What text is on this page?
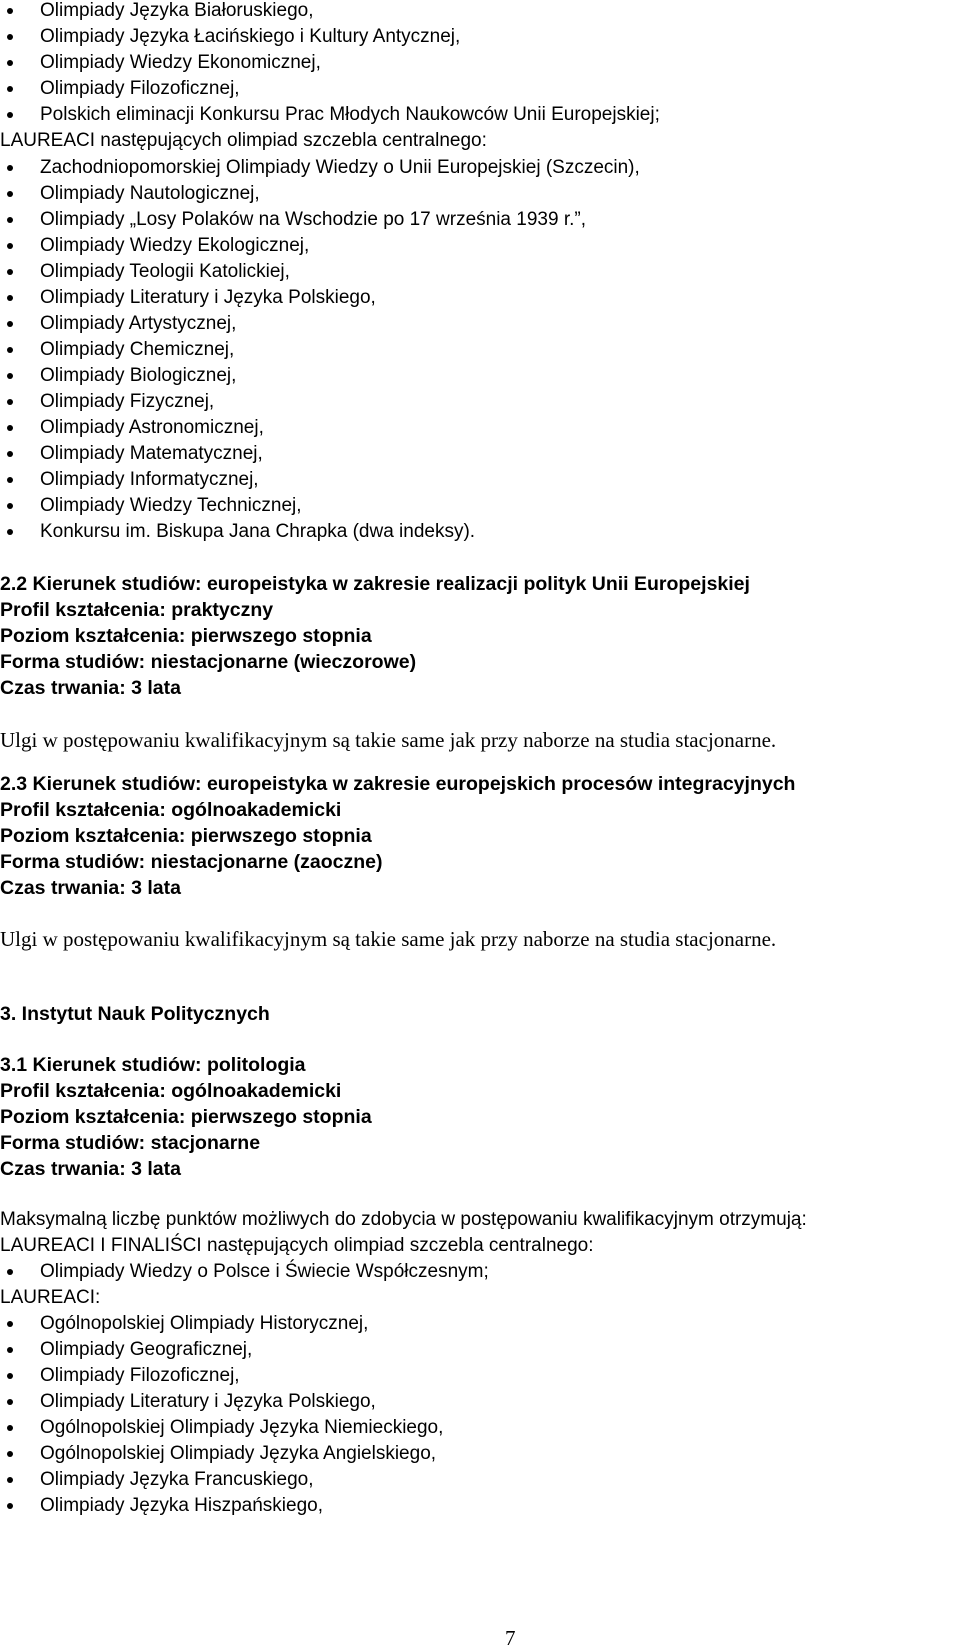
Olimpiady Języka Białoruskiego,
Olimpiady Języka Łacińskiego i Kultury Antycznej,
Olimpiady Wiedzy Ekonomicznej,
Olimpiady Filozoficznej,
Polskich eliminacji Konkursu Prac Młodych Naukowców Unii Europejskiej;
LAUREACI następujących olimpiad szczebla centralnego:
Zachodniopomorskiej Olimpiady Wiedzy o Unii Europejskiej (Szczecin),
Olimpiady Nautologicznej,
Olimpiady „Losy Polaków na Wschodzie po 17 września 1939 r.”,
Olimpiady Wiedzy Ekologicznej,
Olimpiady Teologii Katolickiej,
Olimpiady Literatury i Języka Polskiego,
Olimpiady Artystycznej,
Olimpiady Chemicznej,
Olimpiady Biologicznej,
Olimpiady Fizycznej,
Olimpiady Astronomicznej,
Olimpiady Matematycznej,
Olimpiady Informatycznej,
Olimpiady Wiedzy Technicznej,
Konkursu im. Biskupa Jana Chrapka (dwa indeksy).
2.2 Kierunek studiów: europeistyka w zakresie realizacji polityk Unii Europejskiej
Profil kształcenia: praktyczny
Poziom kształcenia: pierwszego stopnia
Forma studiów: niestacjonarne (wieczorowe)
Czas trwania: 3 lata
Ulgi w postępowaniu kwalifikacyjnym są takie same jak przy naborze na studia stacjonarne.
2.3 Kierunek studiów: europeistyka w zakresie europejskich procesów integracyjnych
Profil kształcenia: ogólnoakademicki
Poziom kształcenia: pierwszego stopnia
Forma studiów: niestacjonarne (zaoczne)
Czas trwania: 3 lata
Ulgi w postępowaniu kwalifikacyjnym są takie same jak przy naborze na studia stacjonarne.
3. Instytut Nauk Politycznych
3.1 Kierunek studiów: politologia
Profil kształcenia: ogólnoakademicki
Poziom kształcenia: pierwszego stopnia
Forma studiów: stacjonarne
Czas trwania: 3 lata
Maksymalną liczbę punktów możliwych do zdobycia w postępowaniu kwalifikacyjnym otrzymują:
LAUREACI I FINALIŚCI następujących olimpiad szczebla centralnego:
Olimpiady Wiedzy o Polsce i Świecie Współczesnym;
LAUREACI:
Ogólnopolskiej Olimpiady Historycznej,
Olimpiady Geograficznej,
Olimpiady Filozoficznej,
Olimpiady Literatury i Języka Polskiego,
Ogólnopolskiej Olimpiady Języka Niemieckiego,
Ogólnopolskiej Olimpiady Języka Angielskiego,
Olimpiady Języka Francuskiego,
Olimpiady Języka Hiszpańskiego,
7
